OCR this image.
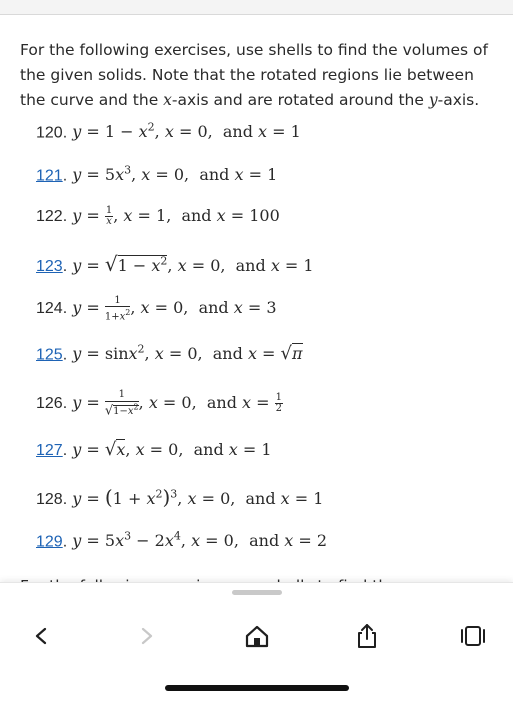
For the following exercises, use shells to find the volumes of the given solids. Note that the rotated regions lie between the curve and the x-axis and are rotated around the y-axis.

120. $y = 1 - x^2$, x = 0,  and x = 1
121. $y = 5x^3$, x = 0,  and x = 1
122. $y = \frac{1}{x}$ , x = 1,  and x = 100
123. $y = √1 - x^2$, x = 0,  and x = 1
124. $y = \frac{1}{1+x^2}$ , x = 0,  and x = 3
125. y = sinx$^2$, x = 0,  and x = √π
126. $y = \frac{1}{√1-x^2}$ , x = 0,  and $x = \frac{1}{2}$
127. y = √x, x = 0,  and x = 1
128. $y = (1 + x^2)^3$, x = 0,  and x = 1
129. $y = 5x^3 - 2x^4$, x = 0,  and x = 2
